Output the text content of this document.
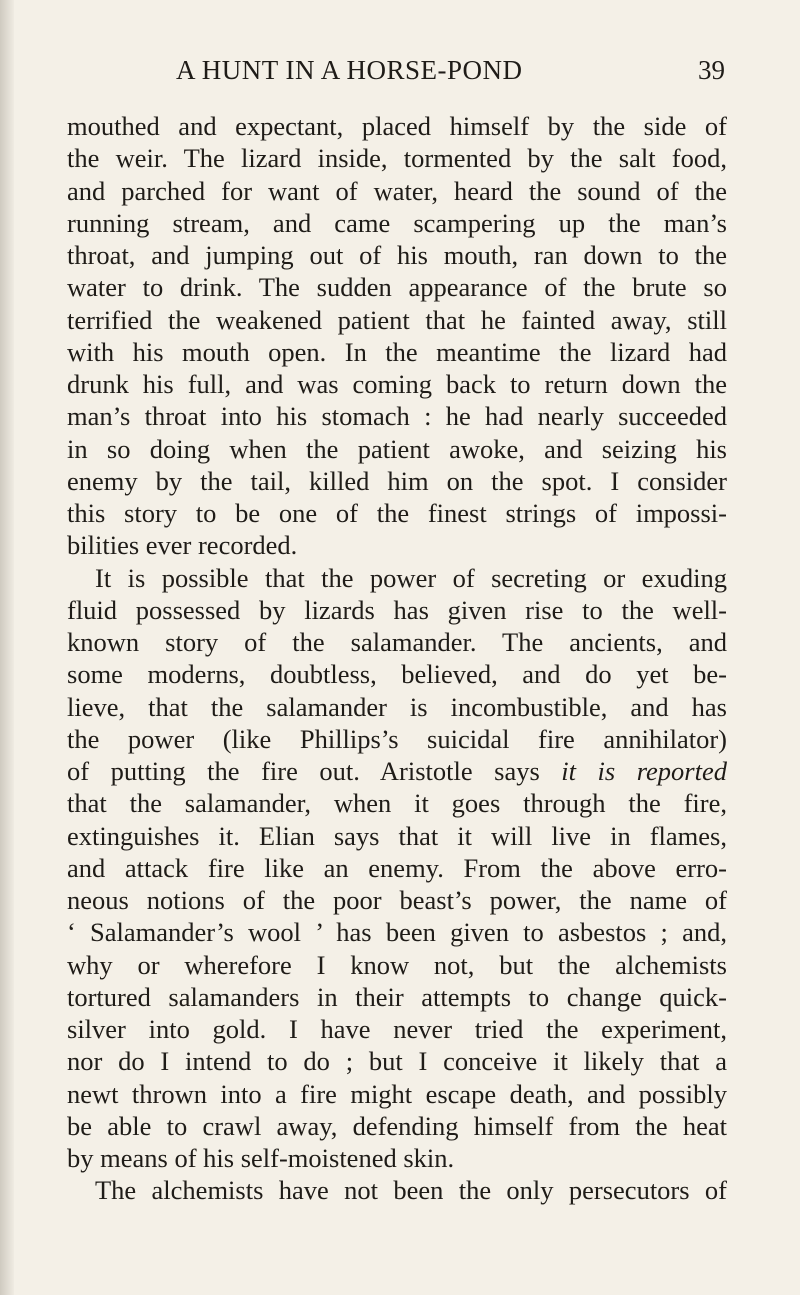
A HUNT IN A HORSE-POND	39
mouthed and expectant, placed himself by the side of
the weir. The lizard inside, tormented by the salt food,
and parched for want of water, heard the sound of the
running stream, and came scampering up the man’s
throat, and jumping out of his mouth, ran down to the
water to drink. The sudden appearance of the brute so
terrified the weakened patient that he fainted away, still
with his mouth open. In the meantime the lizard had
drunk his full, and was coming back to return down the
man’s throat into his stomach : he had nearly succeeded
in so doing when the patient awoke, and seizing his
enemy by the tail, killed him on the spot. I consider
this story to be one of the finest strings of impossi-
bilities ever recorded.
It is possible that the power of secreting or exuding
fluid possessed by lizards has given rise to the well-
known story of the salamander. The ancients, and
some moderns, doubtless, believed, and do yet be-
lieve, that the salamander is incombustible, and has
the power (like Phillips’s suicidal fire annihilator)
of putting the fire out. Aristotle says it is reported
that the salamander, when it goes through the fire,
extinguishes it. Elian says that it will live in flames,
and attack fire like an enemy. From the above erro-
neous notions of the poor beast’s power, the name of
‘ Salamander’s wool ’ has been given to asbestos ; and,
why or wherefore I know not, but the alchemists
tortured salamanders in their attempts to change quick-
silver into gold. I have never tried the experiment,
nor do I intend to do ; but I conceive it likely that a
newt thrown into a fire might escape death, and possibly
be able to crawl away, defending himself from the heat
by means of his self-moistened skin.
The alchemists have not been the only persecutors of
